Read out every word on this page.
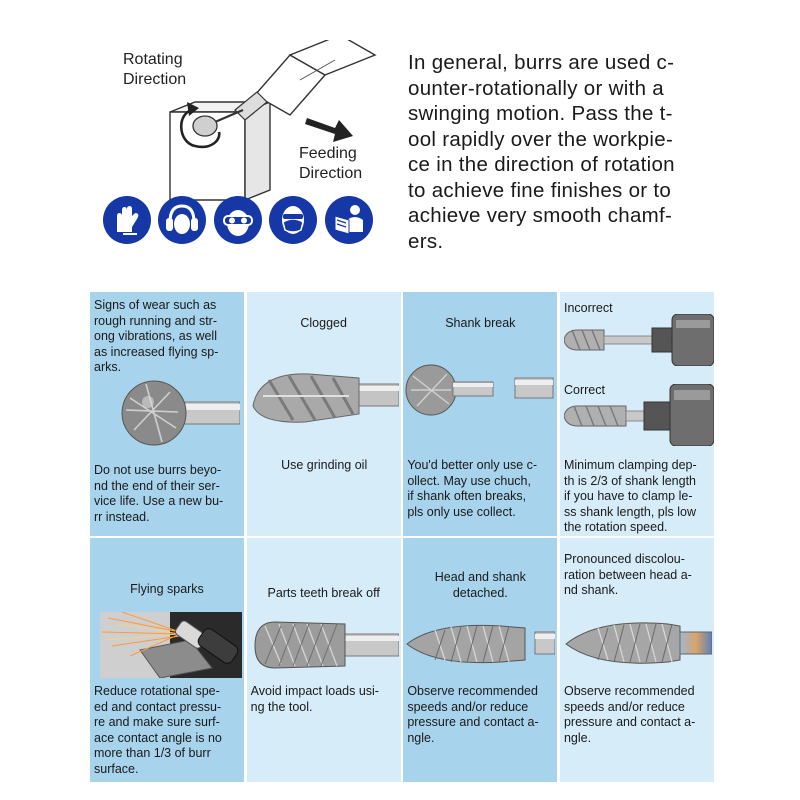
Rotating
Direction
Feeding
Direction
In general, burrs are used c-
ounter-rotationally or with a
swinging motion. Pass the t-
ool rapidly over the workpie-
ce in the direction of rotation
to achieve fine finishes or to
achieve very smooth chamf-
ers.
Signs of wear such as
rough running and str-
ong vibrations, as well
as increased flying sp-
arks.
Do not use burrs beyo-
nd the end of their ser-
vice life. Use a new bu-
rr instead.
Clogged
Use grinding oil
Shank break
You'd better only use c-
ollect. May use chuch,
if shank often breaks,
pls only use collect.
Incorrect
Correct
Minimum clamping dep-
th is 2/3 of shank length
if you have to clamp le-
ss shank length, pls low
the rotation speed.
Flying sparks
Reduce rotational spe-
ed and contact pressu-
re and make sure surf-
ace contact angle is no
more than 1/3 of burr
surface.
Parts teeth break off
Avoid impact loads usi-
ng the tool.
Head and shank
detached.
Observe recommended
speeds and/or reduce
pressure and contact a-
ngle.
Pronounced discolou-
ration between head a-
nd shank.
Observe recommended
speeds and/or reduce
pressure and contact a-
ngle.
